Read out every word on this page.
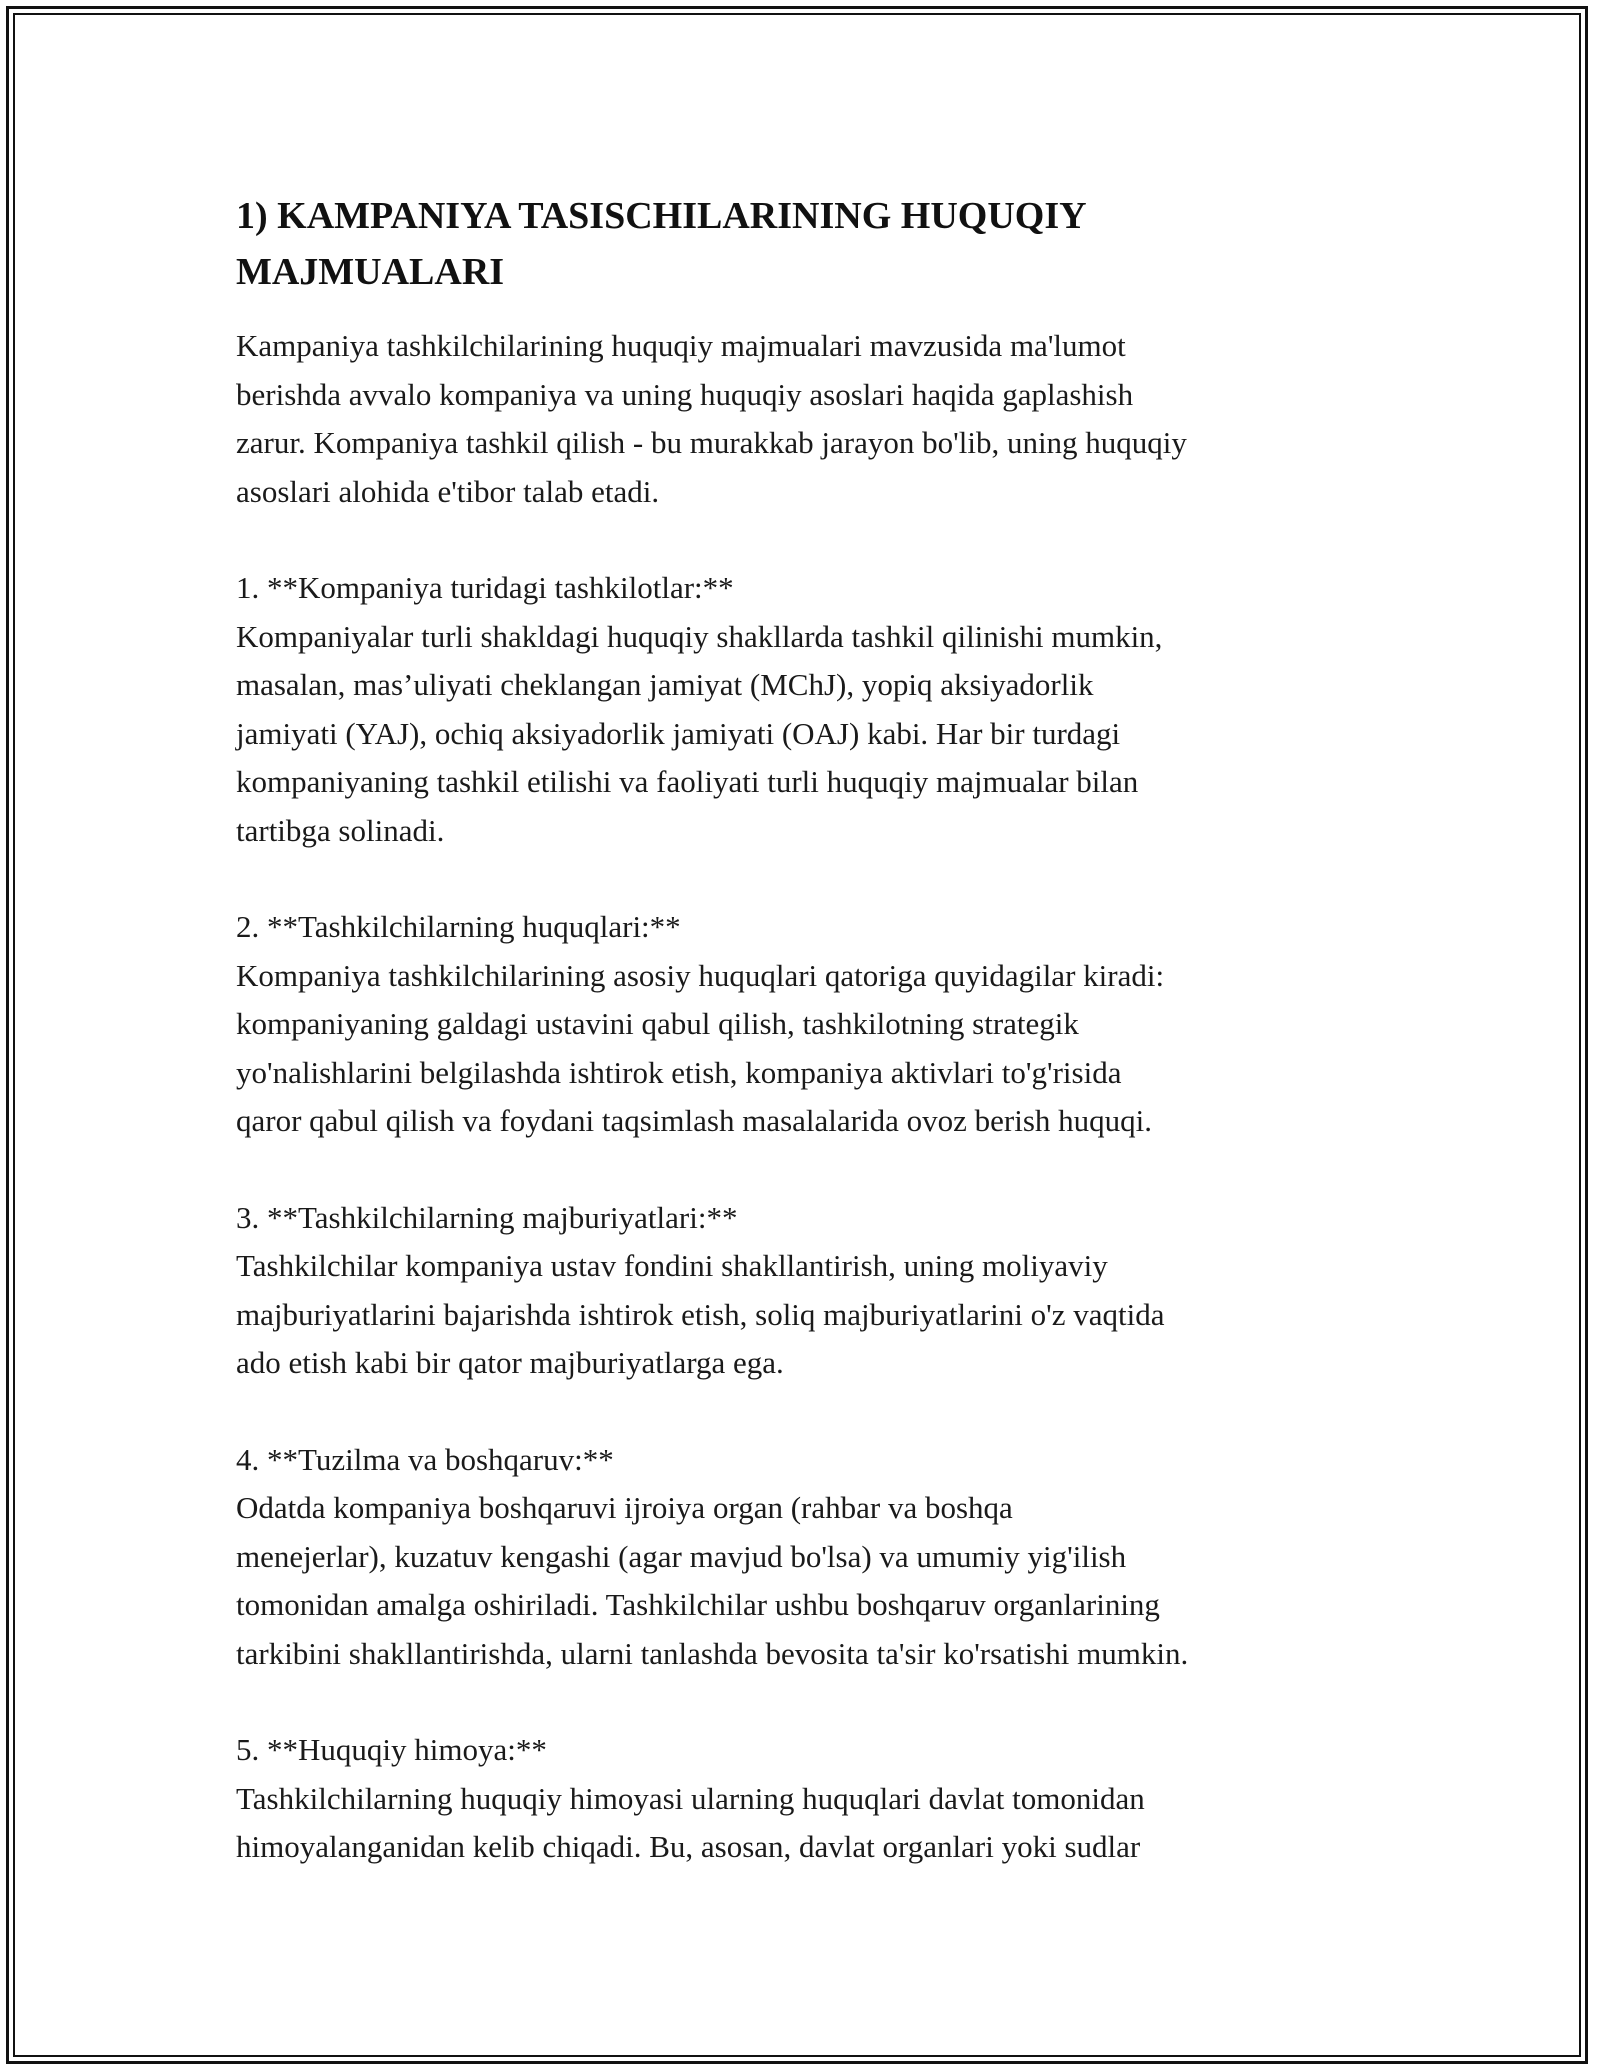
1) KAMPANIYA TASISCHILARINING HUQUQIY
MAJMUALARI

Kampaniya tashkilchilarining huquqiy majmualari mavzusida ma'lumot
berishda avvalo kompaniya va uning huquqiy asoslari haqida gaplashish
zarur. Kompaniya tashkil qilish - bu murakkab jarayon bo'lib, uning huquqiy
asoslari alohida e'tibor talab etadi.

1. **Kompaniya turidagi tashkilotlar:**

Kompaniyalar turli shakldagi huquqiy shakllarda tashkil qilinishi mumkin,
masalan, mas’uliyati cheklangan jamiyat (MChJ), yopiq aksiyadorlik
jamiyati (YAJ), ochiq aksiyadorlik jamiyati (OAJ) kabi. Har bir turdagi
kompaniyaning tashkil etilishi va faoliyati turli huquqiy majmualar bilan
tartibga solinadi.

2. **Tashkilchilarning huquqlari:**

Kompaniya tashkilchilarining asosiy huquqlari qatoriga quyidagilar kiradi:
kompaniyaning galdagi ustavini qabul qilish, tashkilotning strategik
yo'nalishlarini belgilashda ishtirok etish, kompaniya aktivlari to'g'risida
qaror qabul qilish va foydani taqsimlash masalalarida ovoz berish huquqi.

3. **Tashkilchilarning majburiyatlari:**

Tashkilchilar kompaniya ustav fondini shakllantirish, uning moliyaviy
majburiyatlarini bajarishda ishtirok etish, soliq majburiyatlarini o'z vaqtida
ado etish kabi bir qator majburiyatlarga ega.

4. **Tuzilma va boshqaruv:**

Odatda kompaniya boshqaruvi ijroiya organ (rahbar va boshqa
menejerlar), kuzatuv kengashi (agar mavjud bo'lsa) va umumiy yig'ilish
tomonidan amalga oshiriladi. Tashkilchilar ushbu boshqaruv organlarining
tarkibini shakllantirishda, ularni tanlashda bevosita ta'sir ko'rsatishi mumkin.

5. **Huquqiy himoya:**

Tashkilchilarning huquqiy himoyasi ularning huquqlari davlat tomonidan
himoyalanganidan kelib chiqadi. Bu, asosan, davlat organlari yoki sudlar
